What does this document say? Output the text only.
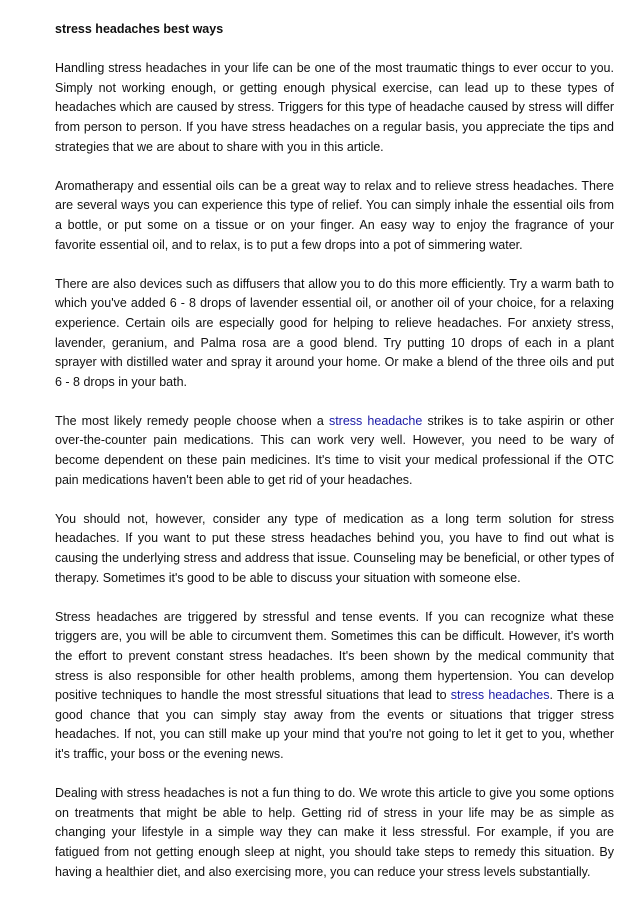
stress headaches best ways

Handling stress headaches in your life can be one of the most traumatic things to ever occur to you. Simply not working enough, or getting enough physical exercise, can lead up to these types of headaches which are caused by stress. Triggers for this type of headache caused by stress will differ from person to person. If you have stress headaches on a regular basis, you appreciate the tips and strategies that we are about to share with you in this article.

Aromatherapy and essential oils can be a great way to relax and to relieve stress headaches. There are several ways you can experience this type of relief. You can simply inhale the essential oils from a bottle, or put some on a tissue or on your finger. An easy way to enjoy the fragrance of your favorite essential oil, and to relax, is to put a few drops into a pot of simmering water.

There are also devices such as diffusers that allow you to do this more efficiently. Try a warm bath to which you've added 6 - 8 drops of lavender essential oil, or another oil of your choice, for a relaxing experience. Certain oils are especially good for helping to relieve headaches. For anxiety stress, lavender, geranium, and Palma rosa are a good blend. Try putting 10 drops of each in a plant sprayer with distilled water and spray it around your home. Or make a blend of the three oils and put 6 - 8 drops in your bath.

The most likely remedy people choose when a stress headache strikes is to take aspirin or other over-the-counter pain medications. This can work very well. However, you need to be wary of become dependent on these pain medicines. It's time to visit your medical professional if the OTC pain medications haven't been able to get rid of your headaches.

You should not, however, consider any type of medication as a long term solution for stress headaches. If you want to put these stress headaches behind you, you have to find out what is causing the underlying stress and address that issue. Counseling may be beneficial, or other types of therapy. Sometimes it's good to be able to discuss your situation with someone else.

Stress headaches are triggered by stressful and tense events. If you can recognize what these triggers are, you will be able to circumvent them. Sometimes this can be difficult. However, it's worth the effort to prevent constant stress headaches. It's been shown by the medical community that stress is also responsible for other health problems, among them hypertension. You can develop positive techniques to handle the most stressful situations that lead to stress headaches. There is a good chance that you can simply stay away from the events or situations that trigger stress headaches. If not, you can still make up your mind that you're not going to let it get to you, whether it's traffic, your boss or the evening news.

Dealing with stress headaches is not a fun thing to do. We wrote this article to give you some options on treatments that might be able to help. Getting rid of stress in your life may be as simple as changing your lifestyle in a simple way they can make it less stressful. For example, if you are fatigued from not getting enough sleep at night, you should take steps to remedy this situation. By having a healthier diet, and also exercising more, you can reduce your stress levels substantially.
